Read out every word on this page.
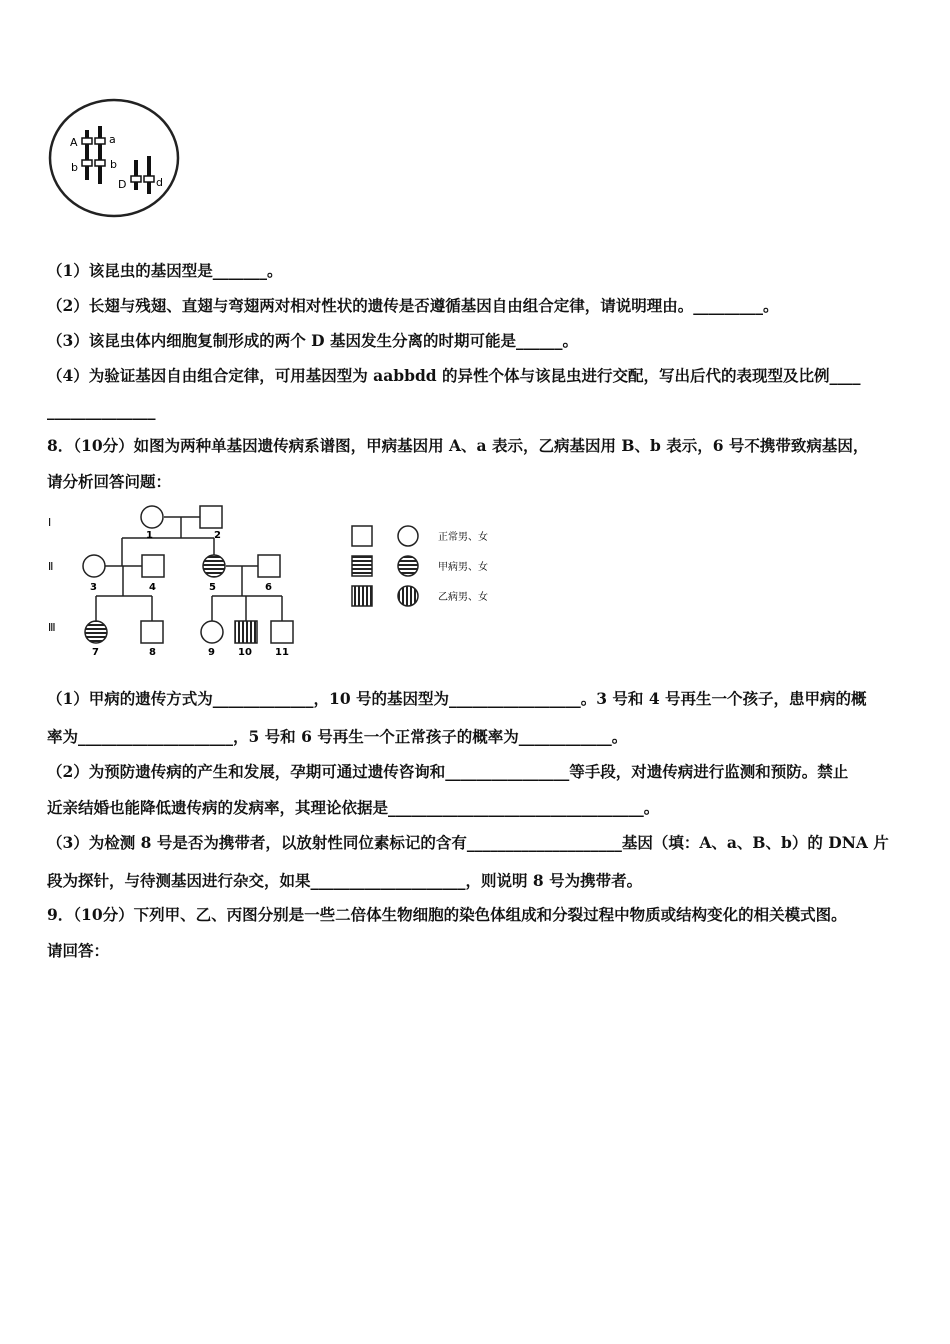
A	a
b	b
D	d
（1）该昆虫的基因型是_______。
（2）长翅与残翅、直翅与弯翅两对相对性状的遗传是否遵循基因自由组合定律，请说明理由。_________。
（3）该昆虫体内细胞复制形成的两个 D 基因发生分离的时期可能是______。
（4）为验证基因自由组合定律，可用基因型为 aabbdd 的异性个体与该昆虫进行交配，写出后代的表现型及比例____
______________
8．（10分）如图为两种单基因遗传病系谱图，甲病基因用 A、a 表示，乙病基因用 B、b 表示，6 号不携带致病基因，
请分析回答问题：
Ⅰ
Ⅱ
Ⅲ
1	2
3	4	5	6
7	8	9 10 11
正常男、女
甲病男、女
乙病男、女
（1）甲病的遗传方式为_____________，10 号的基因型为_________________。3 号和 4 号再生一个孩子，患甲病的概
率为____________________，5 号和 6 号再生一个正常孩子的概率为____________。
（2）为预防遗传病的产生和发展，孕期可通过遗传咨询和________________等手段，对遗传病进行监测和预防。禁止
近亲结婚也能降低遗传病的发病率，其理论依据是_________________________________。
（3）为检测 8 号是否为携带者，以放射性同位素标记的含有____________________基因（填：A、a、B、b）的 DNA 片
段为探针，与待测基因进行杂交，如果____________________，则说明 8 号为携带者。
9．（10分）下列甲、乙、丙图分别是一些二倍体生物细胞的染色体组成和分裂过程中物质或结构变化的相关模式图。
请回答：
